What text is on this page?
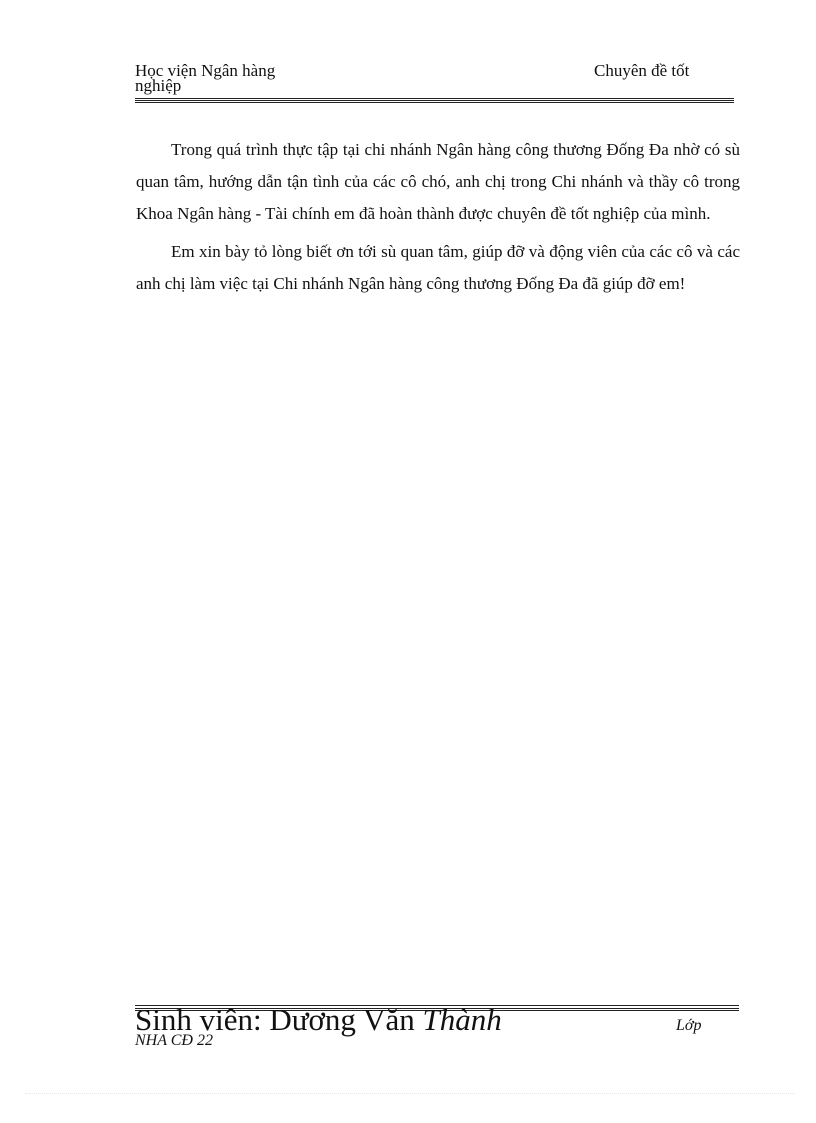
Học viện Ngân hàng
nghiệp
Chuyên đề tốt

Trong quá trình thực tập tại chi nhánh Ngân hàng công thương Đống Đa nhờ có sù quan tâm, hướng dẫn tận tình của các cô chó, anh chị trong Chi nhánh và thầy cô trong Khoa Ngân hàng - Tài chính em đã hoàn thành được chuyên đề tốt nghiệp của mình.

Em xin bày tỏ lòng biết ơn tới sù quan tâm, giúp đỡ và động viên của các cô và các anh chị làm việc tại Chi nhánh Ngân hàng công thương Đống Đa đã giúp đỡ em!

Sinh viên: Dương Văn Thành	Lớp
NHA CĐ 22
